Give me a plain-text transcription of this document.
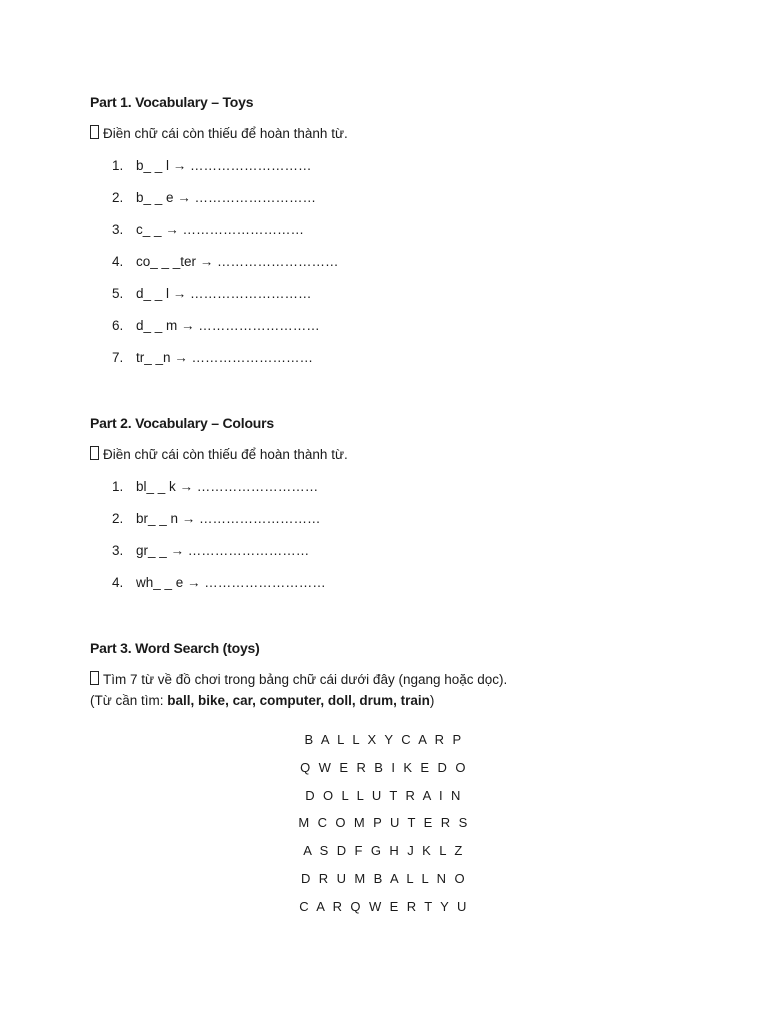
Part 1. Vocabulary – Toys
Điền chữ cái còn thiếu để hoàn thành từ.
1. b_ _ l → ………………………
2. b_ _ e → ………………………
3. c_ _ → ………………………
4. co_ _ _ter → ………………………
5. d_ _ l → ………………………
6. d_ _ m → ………………………
7. tr_ _n → ………………………
Part 2. Vocabulary – Colours
Điền chữ cái còn thiếu để hoàn thành từ.
1. bl_ _ k → ………………………
2. br_ _ n → ………………………
3. gr_ _ → ………………………
4. wh_ _ e → ………………………
Part 3. Word Search (toys)
Tìm 7 từ về đồ chơi trong bảng chữ cái dưới đây (ngang hoặc dọc).
(Từ cần tìm: ball, bike, car, computer, doll, drum, train)
B A L L X Y C A R P
Q W E R B I K E D O
D O L L U T R A I N
M C O M P U T E R S
A S D F G H J K L Z
D R U M B A L L N O
C A R Q W E R T Y U
